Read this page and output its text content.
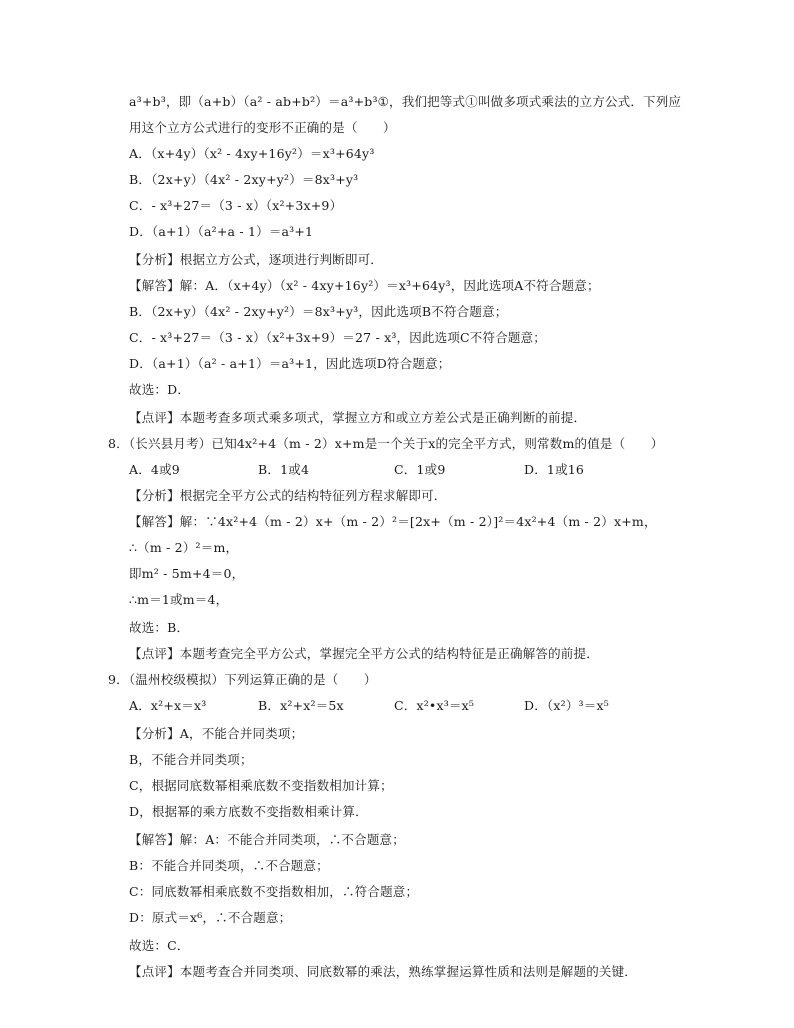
a³+b³，即（a+b）（a² - ab+b²）＝a³+b³①，我们把等式①叫做多项式乘法的立方公式．下列应
用这个立方公式进行的变形不正确的是（　　）
A．（x+4y）（x² - 4xy+16y²）＝x³+64y³
B．（2x+y）（4x² - 2xy+y²）＝8x³+y³
C．- x³+27＝（3 - x）（x²+3x+9）
D．（a+1）（a²+a - 1）＝a³+1
【分析】根据立方公式，逐项进行判断即可．
【解答】解：A．（x+4y）（x² - 4xy+16y²）＝x³+64y³，因此选项A不符合题意；
B．（2x+y）（4x² - 2xy+y²）＝8x³+y³，因此选项B不符合题意；
C．- x³+27＝（3 - x）（x²+3x+9）＝27 - x³，因此选项C不符合题意；
D．（a+1）（a² - a+1）＝a³+1，因此选项D符合题意；
故选：D．
【点评】本题考查多项式乘多项式，掌握立方和或立方差公式是正确判断的前提．
8．（长兴县月考）已知4x²+4（m - 2）x+m是一个关于x的完全平方式，则常数m的值是（　　）
A．4或9	B．1或4	C．1或9	D．1或16
【分析】根据完全平方公式的结构特征列方程求解即可．
【解答】解：∵4x²+4（m - 2）x+（m - 2）²＝[2x+（m - 2）]²＝4x²+4（m - 2）x+m，
∴（m - 2）²＝m，
即m² - 5m+4＝0，
∴m＝1或m＝4，
故选：B．
【点评】本题考查完全平方公式，掌握完全平方公式的结构特征是正确解答的前提．
9．（温州校级模拟）下列运算正确的是（　　）
A．x²+x＝x³	B．x²+x²＝5x	C．x²•x³＝x⁵	D．（x²）³＝x⁵
【分析】A，不能合并同类项；
B，不能合并同类项；
C，根据同底数幂相乘底数不变指数相加计算；
D，根据幂的乘方底数不变指数相乘计算．
【解答】解：A：不能合并同类项，∴不合题意；
B：不能合并同类项，∴不合题意；
C：同底数幂相乘底数不变指数相加，∴符合题意；
D：原式＝x⁶，∴不合题意；
故选：C．
【点评】本题考查合并同类项、同底数幂的乘法，熟练掌握运算性质和法则是解题的关键．
